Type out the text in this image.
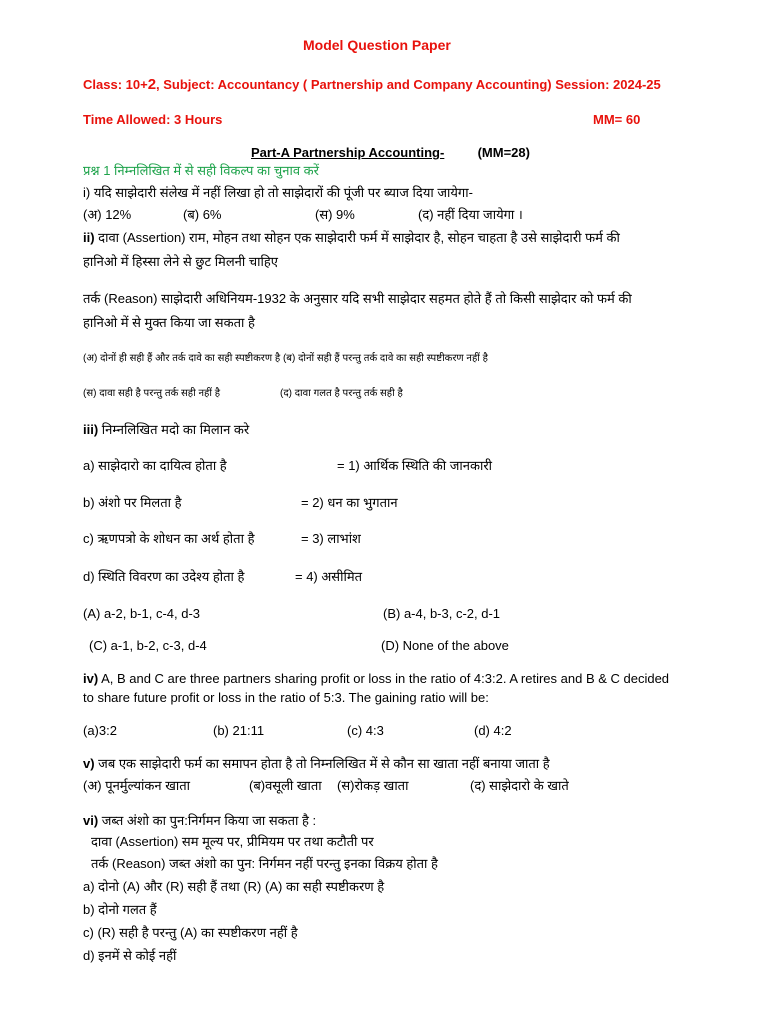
Model Question Paper
Class: 10+2, Subject: Accountancy ( Partnership and Company Accounting) Session: 2024-25
Time Allowed: 3 Hours	MM= 60
Part-A Partnership Accounting-	(MM=28)
प्रश्न 1 निम्नलिखित में से सही विकल्प का चुनाव करें
i) यदि साझेदारी संलेख में नहीं लिखा हो तो साझेदारों की पूंजी पर ब्याज दिया जायेगा-
(अ) 12%	(ब) 6%	(स) 9%	(द) नहीं दिया जायेगा ।
ii) दावा (Assertion) राम, मोहन तथा सोहन एक साझेदारी फर्म में साझेदार है, सोहन चाहता है उसे साझेदारी फर्म की
हानिओ में हिस्सा लेने से छुट मिलनी चाहिए
तर्क (Reason) साझेदारी अधिनियम-1932 के अनुसार यदि सभी साझेदार सहमत होते हैं तो किसी साझेदार को फर्म की
हानिओ में से मुक्त किया जा सकता है
(अ) दोनों ही सही हैं और तर्क दावे का सही स्पष्टीकरण है (ब) दोनों सही हैं परन्तु तर्क दावे का सही स्पष्टीकरण नहीं है
(स) दावा सही है परन्तु तर्क सही नहीं है	(द) दावा गलत है परन्तु तर्क सही है
iii) निम्नलिखित मदो का मिलान करे
a) साझेदारो का दायित्व होता है	= 1) आर्थिक स्थिति की जानकारी
b) अंशो पर मिलता है	= 2) धन का भुगतान
c) ऋणपत्रो के शोधन का अर्थ होता है	= 3) लाभांश
d) स्थिति विवरण का उदेश्य होता है	= 4) असीमित
(A) a-2, b-1, c-4, d-3	(B) a-4, b-3, c-2, d-1
(C) a-1, b-2, c-3, d-4	(D) None of the above
iv) A, B and C are three partners sharing profit or loss in the ratio of 4:3:2. A retires and B & C decided
to share future profit or loss in the ratio of 5:3. The gaining ratio will be:
(a)3:2	(b) 21:11	(c) 4:3	(d) 4:2
v) जब एक साझेदारी फर्म का समापन होता है तो निम्नलिखित में से कौन सा खाता नहीं बनाया जाता है
(अ) पूनर्मुल्यांकन खाता	(ब)वसूली खाता (स)रोकड़ खाता	(द) साझेदारो के खाते
vi) जब्त अंशो का पुन:निर्गमन किया जा सकता है :
दावा (Assertion) सम मूल्य पर, प्रीमियम पर तथा कटौती पर
तर्क (Reason) जब्त अंशो का पुन: निर्गमन नहीं परन्तु इनका विक्रय होता है
a) दोनो (A) और (R) सही हैं तथा (R) (A) का सही स्पष्टीकरण है
b) दोनो गलत हैं
c) (R) सही है परन्तु (A) का स्पष्टीकरण नहीं है
d) इनमें से कोई नहीं
